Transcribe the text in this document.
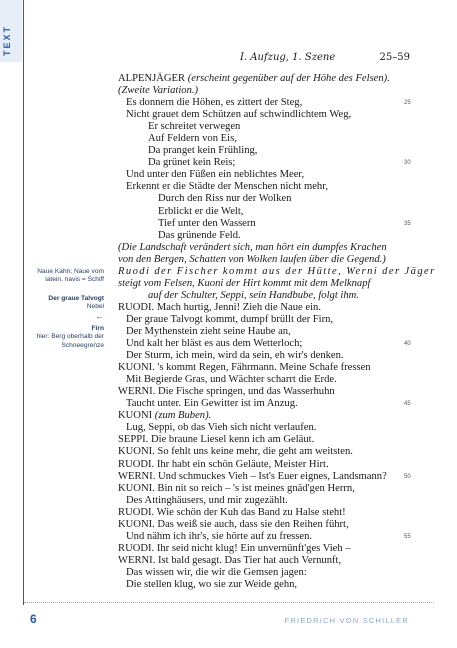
TEXT
I. Aufzug, 1. Szene	25–59
ALPENJÄGER (erscheint gegenüber auf der Höhe des Felsen).
(Zweite Variation.)
Es donnern die Höhen, es zittert der Steg,
Nicht grauet dem Schützen auf schwindlichtem Weg,
Er schreitet verwegen
Auf Feldern von Eis,
Da pranget kein Frühling,
Da grünet kein Reis;
Und unter den Füßen ein neblichtes Meer,
Erkennt er die Städte der Menschen nicht mehr,
Durch den Riss nur der Wolken
Erblickt er die Welt,
Tief unter den Wassern
Das grünende Feld.
(Die Landschaft verändert sich, man hört ein dumpfes Krachen
von den Bergen, Schatten von Wolken laufen über die Gegend.)
Ruodi der Fischer kommt aus der Hütte, Werni der Jäger
steigt vom Felsen, Kuoni der Hirt kommt mit dem Melknapf
auf der Schulter, Seppi, sein Handbube, folgt ihm.
RUODI. Mach hurtig, Jenni! Zieh die Naue ein.
Der graue Talvogt kommt, dumpf brüllt der Firn,
Der Mythenstein zieht seine Haube an,
Und kalt her bläst es aus dem Wetterloch;
Der Sturm, ich mein, wird da sein, eh wir's denken.
KUONI. 's kommt Regen, Fährmann. Meine Schafe fressen
Mit Begierde Gras, und Wächter scharrt die Erde.
WERNI. Die Fische springen, und das Wasserhuhn
Taucht unter. Ein Gewitter ist im Anzug.
KUONI (zum Buben).
Lug, Seppi, ob das Vieh sich nicht verlaufen.
SEPPI. Die braune Liesel kenn ich am Geläut.
KUONI. So fehlt uns keine mehr, die geht am weitsten.
RUODI. Ihr habt ein schön Geläute, Meister Hirt.
WERNI. Und schmuckes Vieh – Ist's Euer eignes, Landsmann?
KUONI. Bin nit so reich – 's ist meines gnäd'gen Herrn,
Des Attinghäusers, und mir zugezählt.
RUODI. Wie schön der Kuh das Band zu Halse steht!
KUONI. Das weiß sie auch, dass sie den Reihen führt,
Und nähm ich ihr's, sie hörte auf zu fressen.
RUODI. Ihr seid nicht klug! Ein unvernünft'ges Vieh –
WERNI. Ist bald gesagt. Das Tier hat auch Vernunft,
Das wissen wir, die wir die Gemsen jagen:
Die stellen klug, wo sie zur Weide gehn,
25
30
35
40
45
50
55
Naue Kahn; Naue vom latein. navis = Schiff
Der graue Talvogt
Nebel
←
Firn
hier: Berg oberhalb der Schneegrenze
6	FRIEDRICH VON SCHILLER
